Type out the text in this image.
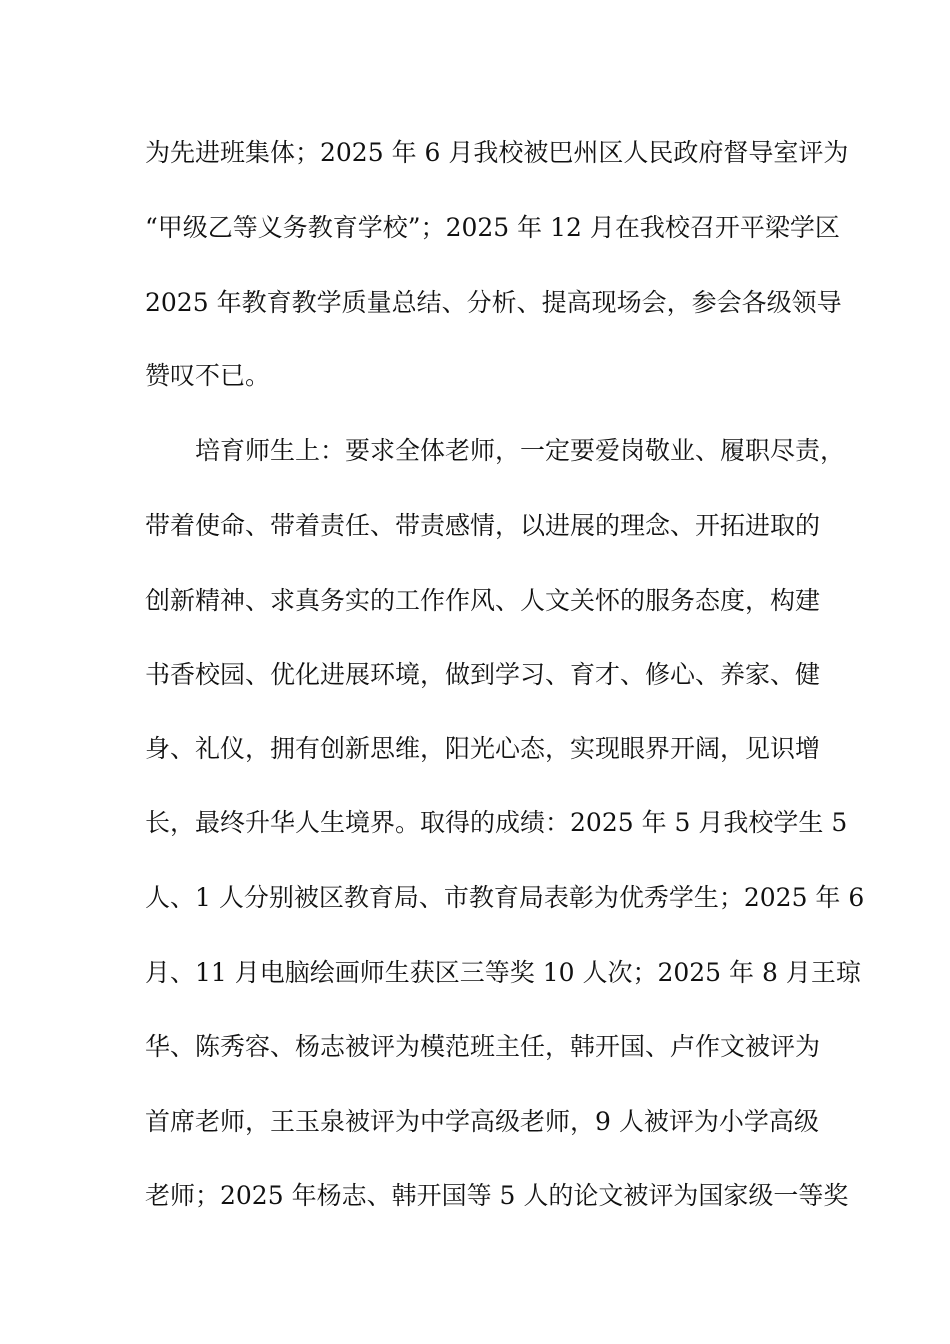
为先进班集体；2025 年 6 月我校被巴州区人民政府督导室评为
“甲级乙等义务教育学校”；2025 年 12 月在我校召开平梁学区
2025 年教育教学质量总结、分析、提高现场会，参会各级领导
赞叹不已。
培育师生上：要求全体老师，一定要爱岗敬业、履职尽责，
带着使命、带着责任、带责感情，以进展的理念、开拓进取的
创新精神、求真务实的工作作风、人文关怀的服务态度，构建
书香校园、优化进展环境，做到学习、育才、修心、养家、健
身、礼仪，拥有创新思维，阳光心态，实现眼界开阔，见识增
长，最终升华人生境界。取得的成绩：2025 年 5 月我校学生 5
人、1 人分别被区教育局、市教育局表彰为优秀学生；2025 年 6
月、11 月电脑绘画师生获区三等奖 10 人次；2025 年 8 月王琼
华、陈秀容、杨志被评为模范班主任，韩开国、卢作文被评为
首席老师，王玉泉被评为中学高级老师，9 人被评为小学高级
老师；2025 年杨志、韩开国等 5 人的论文被评为国家级一等奖
